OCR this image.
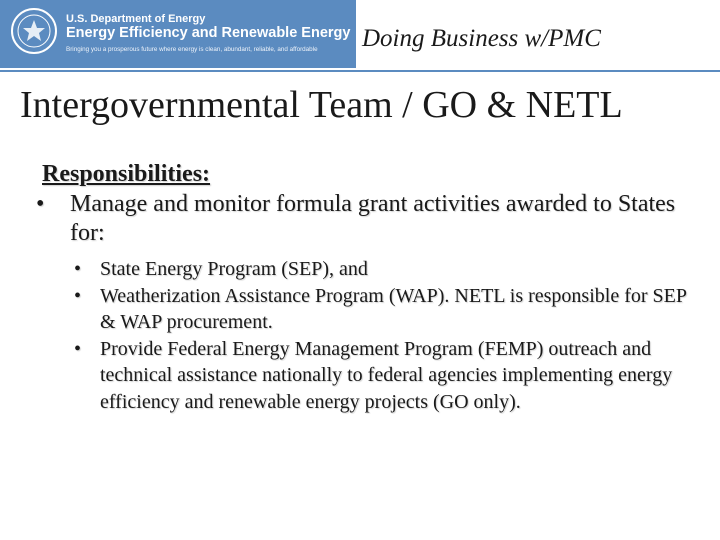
U.S. Department of Energy
Energy Efficiency and Renewable Energy
Bringing you a prosperous future where energy is clean, abundant, reliable, and affordable Doing Business w/PMC
Intergovernmental Team / GO & NETL
Responsibilities:
• Manage and monitor formula grant activities awarded to States for:
• State Energy Program (SEP), and
• Weatherization Assistance Program (WAP). NETL is responsible for SEP & WAP procurement.
• Provide Federal Energy Management Program (FEMP) outreach and technical assistance nationally to federal agencies implementing energy efficiency and renewable energy projects (GO only).
